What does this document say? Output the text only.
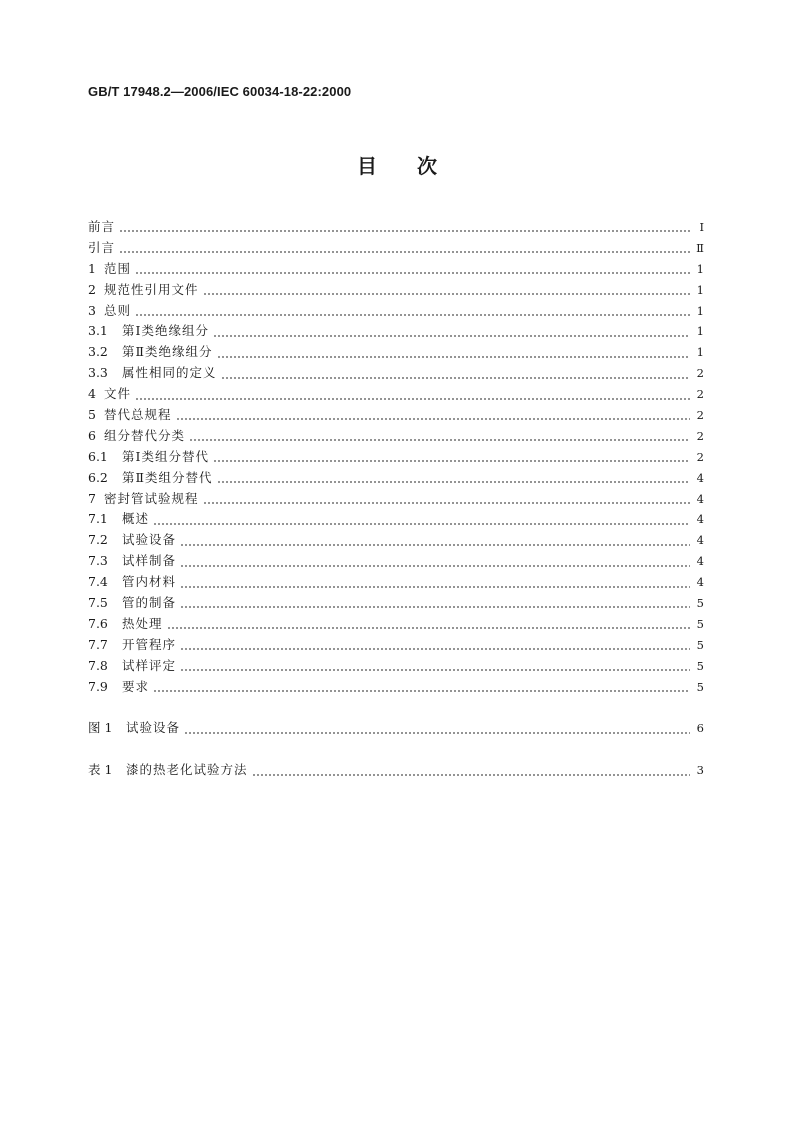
GB/T 17948.2—2006/IEC 60034-18-22:2000
目 次
前言	I
引言	Ⅱ
1 范围	1
2 规范性引用文件	1
3 总则	1
3.1	第Ⅰ类绝缘组分	1
3.2	第Ⅱ类绝缘组分	1
3.3	属性相同的定义	2
4 文件	2
5 替代总规程	2
6 组分替代分类	2
6.1	第Ⅰ类组分替代	2
6.2	第Ⅱ类组分替代	4
7 密封管试验规程	4
7.1	概述	4
7.2	试验设备	4
7.3	试样制备	4
7.4	管内材料	4
7.5	管的制备	5
7.6	热处理	5
7.7	开管程序	5
7.8	试样评定	5
7.9	要求	5
图 1	试验设备	6
表 1	漆的热老化试验方法	3
